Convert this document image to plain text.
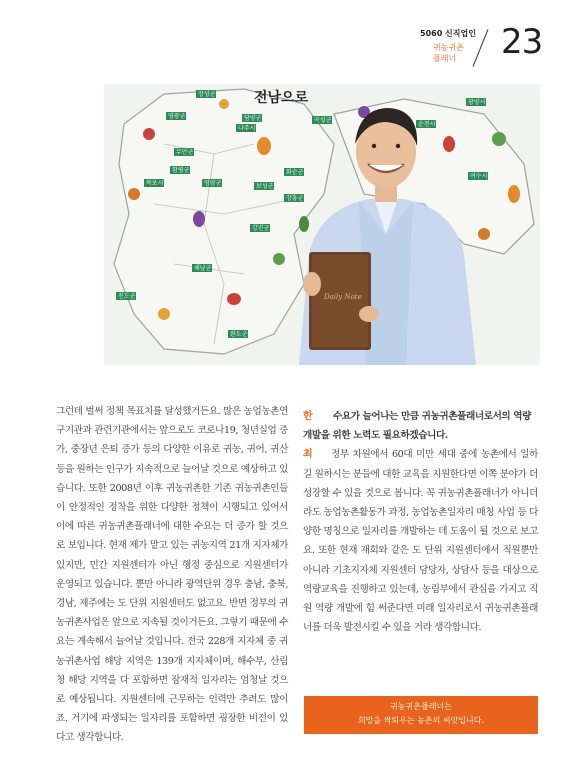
5060 신직업인
귀농귀촌
플래너 23
전남으로
장성군
영광군	담양군
무안군
나주시
곡성군
순천시
광양시
함평군
영암군
화순군
보성군
장흥군
강진군
목포시
해남군
진도군
완도군
여수시
Daily Note
그런데 벌써 정책 목표치를 달성했거든요. 많은 농업농촌연구기관과 관련기관에서는 앞으로도 코로나19, 청년실업 증가, 중장년 은퇴 증가 등의 다양한 이유로 귀농, 귀어, 귀산 등을 원하는 인구가 지속적으로 늘어날 것으로 예상하고 있습니다. 또한 2008년 이후 귀농귀촌한 기존 귀농귀촌인들이 안정적인 정착을 위한 다양한 정책이 시행되고 있어서 이에 따른 귀농귀촌플래너에 대한 수요는 더 증가 할 것으로 보입니다. 현재 제가 맡고 있는 귀농지역 21개 지자체가 있지만, 민간 지원센터가 아닌 행정 중심으로 지원센터가 운영되고 있습니다. 뿐만 아니라 광역단위 경우 충남, 충북, 경남, 제주에는 도 단위 지원센터도 없고요. 반면 정부의 귀농귀촌사업은 앞으로 지속될 것이거든요. 그렇기 때문에 수요는 계속해서 늘어날 것입니다. 전국 228개 지자체 중 귀농귀촌사업 해당 지역은 139개 지자체이며, 해수부, 산림청 해당 지역을 다 포함하면 잠재적 일자리는 엄청날 것으로 예상됩니다. 지원센터에 근무하는 인력만 추려도 많이죠. 거기에 파생되는 일자리를 포함하면 굉장한 비전이 있다고 생각합니다.
한	수요가 늘어나는 만큼 귀농귀촌플래너로서의 역량 개발을 위한 노력도 필요하겠습니다.
최	정부 차원에서 60대 미만 세대 중에 농촌에서 일하길 원하시는 분들에 대한 교육을 지원한다면 이쪽 분야가 더 성장할 수 있을 것으로 봅니다. 꼭 귀농귀촌플래너가 아니더라도 농업농촌활동가 과정, 농업농촌일자리 매칭 사업 등 다양한 명칭으로 일자리를 개발하는 데 도움이 될 것으로 보고요. 또한 현재 재회와 같은 도 단위 지원센터에서 직원뿐만 아니라 기초지자체 지원센터 담당자, 상담사 등을 대상으로 역량교육을 진행하고 있는데, 농림부에서 관심을 가지고 직원 역량 개발에 힘 써준다면 미래 일자리로서 귀농귀촌플래너를 더욱 발전시킬 수 있을 거라 생각합니다.
귀농귀촌플래너는
희망을 싹틔우는 농촌의 씨앗입니다.
